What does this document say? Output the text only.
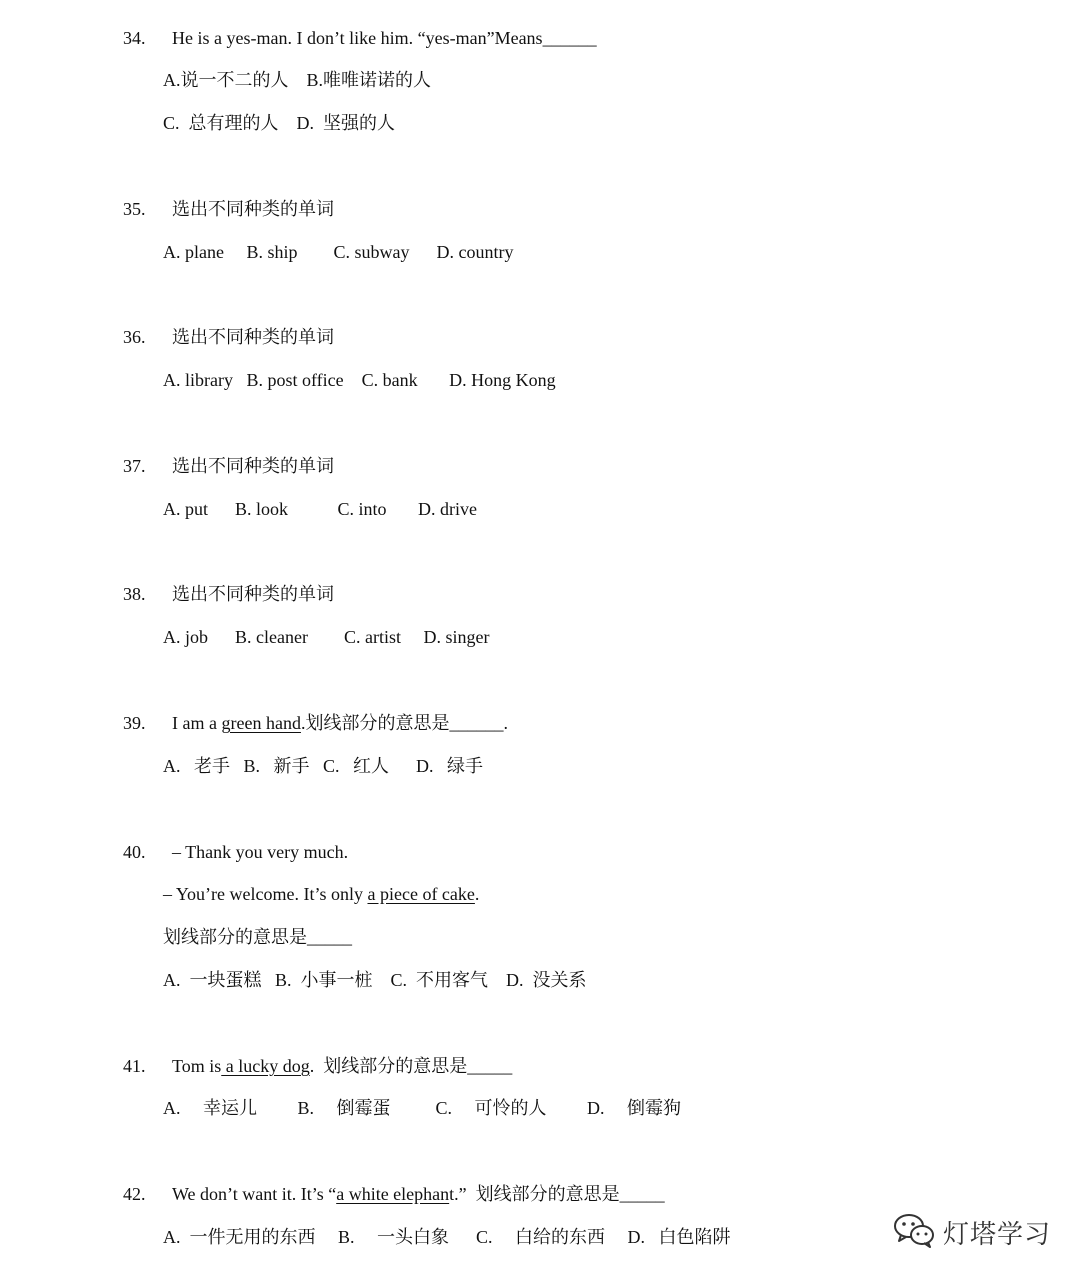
34. He is a yes-man. I don’t like him. “yes-man”Means______
A.说一不二的人    B.唯唯诺诺的人
C.  总有理的人    D.  坚强的人
35. 选出不同种类的单词
A. plane     B. ship        C. subway      D. country
36. 选出不同种类的单词
A. library   B. post office    C. bank       D. Hong Kong
37. 选出不同种类的单词
A. put      B. look           C. into       D. drive
38. 选出不同种类的单词
A. job      B. cleaner        C. artist     D. singer
39. I am a green hand.划线部分的意思是______.
A.   老手   B.   新手   C.   红人      D.   绿手
40. – Thank you very much.
– You’re welcome. It’s only a piece of cake.
划线部分的意思是_____
A.  一块蛋糕   B.  小事一桩    C.  不用客气    D.  没关系
41. Tom is a lucky dog.  划线部分的意思是_____
A.     幸运儿         B.     倒霉蛋          C.     可怜的人         D.     倒霉狗
42. We don’t want it. It’s “a white elephant.”  划线部分的意思是_____
A.  一件无用的东西     B.     一头白象      C.     白给的东西     D.   白色陷阱	灯塔学习
